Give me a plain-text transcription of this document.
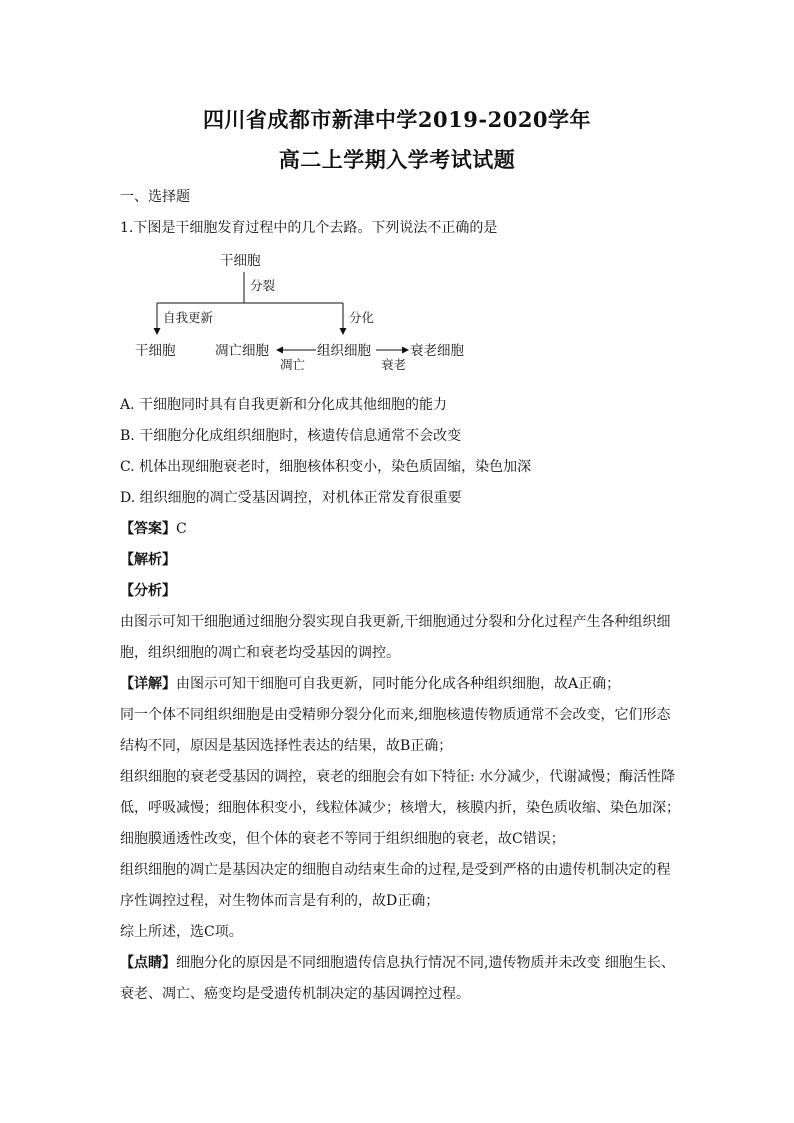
四川省成都市新津中学2019-2020学年
高二上学期入学考试试题
一、选择题
1.下图是干细胞发育过程中的几个去路。下列说法不正确的是
干细胞
分裂
自我更新	分化
干细胞	凋亡细胞
凋亡
组织细胞
衰老
衰老细胞
A. 干细胞同时具有自我更新和分化成其他细胞的能力
B. 干细胞分化成组织细胞时，核遗传信息通常不会改变
C. 机体出现细胞衰老时，细胞核体积变小，染色质固缩，染色加深
D. 组织细胞的凋亡受基因调控，对机体正常发育很重要
【答案】C
【解析】
【分析】
由图示可知干细胞通过细胞分裂实现自我更新,干细胞通过分裂和分化过程产生各种组织细
胞，组织细胞的凋亡和衰老均受基因的调控。
【详解】由图示可知干细胞可自我更新，同时能分化成各种组织细胞，故A正确；
同一个体不同组织细胞是由受精卵分裂分化而来,细胞核遗传物质通常不会改变，它们形态
结构不同，原因是基因选择性表达的结果，故B正确；
组织细胞的衰老受基因的调控，衰老的细胞会有如下特征: 水分减少，代谢减慢；酶活性降
低，呼吸减慢；细胞体积变小，线粒体减少；核增大，核膜内折，染色质收缩、染色加深；
细胞膜通透性改变，但个体的衰老不等同于组织细胞的衰老，故C错误；
组织细胞的凋亡是基因决定的细胞自动结束生命的过程,是受到严格的由遗传机制决定的程
序性调控过程，对生物体而言是有利的，故D正确；
综上所述，选C项。
【点睛】细胞分化的原因是不同细胞遗传信息执行情况不同,遗传物质并未改变 细胞生长、
衰老、凋亡、癌变均是受遗传机制决定的基因调控过程。
